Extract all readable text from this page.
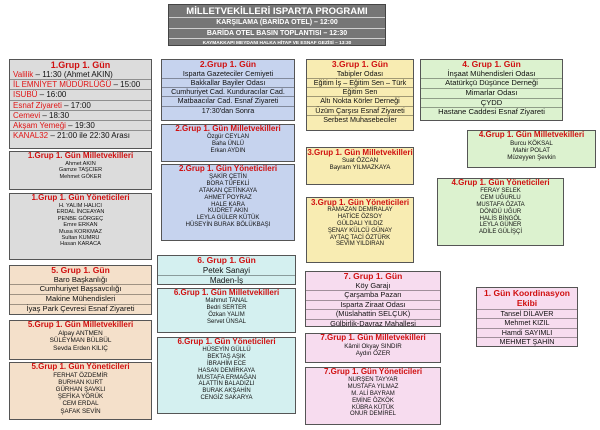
MİLLETVEKİLLERİ ISPARTA PROGRAMI
KARŞILAMA (BARİDA OTEL) – 12:00
BARİDA OTEL BASIN TOPLANTISI – 12:30
KAYMAKKAPI MEYDANI HALKA HİTAP VE ESNAF GEZİSİ – 13:30
1.Grup 1. Gün
Valilik – 11:30 (Ahmet AKIN)
İL EMNİYET MÜDÜRLÜĞÜ – 15:00
ISUBÜ – 16:00
Esnaf Ziyareti – 17:00
Cemevi – 18:30
Akşam Yemeği – 19:30
KANAL32 – 21:00 ile 22:30 Arası
1.Grup 1. Gün Milletvekilleri
Ahmet AKIN
Gamze TAŞCIER
Mehmet GÖKER
1.Grup 1. Gün Yöneticileri
H. YALIM HALICI
ERDAL İNCEAYAN
PENBE GÖRGEÇ
Emre ERKAN
Musa KORKMAZ
Sultan KUMRU
Hasan KARACA
5. Grup 1. Gün
Baro Başkanlığı
Cumhuriyet Başsavcılığı
Makine Mühendisleri
İyaş Park Çevresi Esnaf Ziyareti
5.Grup 1. Gün Milletvekilleri
Alpay ANTMEN
SÜLEYMAN BÜLBÜL
Sevda Erden KILIÇ
5.Grup 1. Gün Yöneticileri
FERHAT ÖZDEMİR
BURHAN KURT
GÜRHAN ŞAVKLI
ŞEFİKA YÖRÜK
CEM ERDAL
ŞAFAK SEVİN
2.Grup 1. Gün
Isparta Gazeteciler Cemiyeti
Bakkallar Bayiler Odası
Cumhuriyet Cad. Kunduracılar Cad.
Matbaacılar Cad. Esnaf Ziyareti
17:30'dan Sonra
2.Grup 1. Gün Milletvekilleri
Özgür CEYLAN
Baha ÜNLÜ
Erkan AYDIN
2.Grup 1. Gün Yöneticileri
ŞAKİR ÇETİN
BORA TÜFEKLİ
ATAKAN ÇETİNKAYA
AHMET POYRAZ
HALE KARA
KUDRET AKIN
LEYLA GÜLER KÜTÜK
HÜSEYİN BURAK BÖLÜKBAŞI
6. Grup 1. Gün
Petek Sanayi
Maden-İş
6.Grup 1. Gün Milletvekilleri
Mahmut TANAL
Bedri SERTER
Özkan YALIM
Servet ÜNSAL
6.Grup 1. Gün Yöneticileri
HÜSEYİN GÜLLÜ
BEKTAŞ AŞIK
İBRAHİM ECE
HASAN DEMİRKAYA
MUSTAFA ERMAĞAN
ALATTİN BALADIZLI
BURAK AKŞAHİN
CENGİZ SAKARYA
3.Grup 1. Gün
Tabipler Odası
Eğitim İş – Eğitim Sen – Türk
Eğitim Sen
Altı Nokta Körler Derneği
Üzüm Çarşısı Esnaf Ziyareti
Serbest Muhasebeciler
3.Grup 1. Gün Milletvekilleri
Suat ÖZCAN
Bayram YILMAZKAYA
3.Grup 1. Gün Yöneticileri
RAMAZAN DEMİRALAY
HATİCE ÖZSOY
GÜLDALI YILDIZ
ŞENAY KÜLCÜ GÜNAY
AYTAÇ TACİ ÖZTÜRK
SEVİM YILDIRAN
7. Grup 1. Gün
Köy Garajı
Çarşamba Pazarı
Isparta Ziraat Odası
(Müslahattin SELÇUK)
Gülbirlik-Davraz Mahallesi
7.Grup 1. Gün Milletvekilleri
Kâmil Okyay SINDIR
Aydın ÖZER
7.Grup 1. Gün Yöneticileri
NURŞEN TAYYAR
MUSTAFA YILMAZ
M. ALİ BAYRAM
EMİNE ÖZKÖK
KÜBRA KÜTÜK
ONUR DEMİREL
4. Grup 1. Gün
İnşaat Mühendisleri Odası
Atatürkçü Düşünce Derneği
Mimarlar Odası
ÇYDD
Hastane Caddesi Esnaf Ziyareti
4.Grup 1. Gün Milletvekilleri
Burcu KÖKSAL
Mahir POLAT
Müzeyyen Şevkin
4.Grup 1. Gün Yöneticileri
FERAY SELEK
CEM UĞURLU
MUSTAFA ÖZATA
DÖNDÜ UĞUR
HALİS BİNGÖL
LEYLA GÜNER
ADİLE GÜLİŞÇİ
1. Gün Koordinasyon Ekibi
Tansel DİLAVER
Mehmet KIZIL
Hamdi SAYIMLI
MEHMET ŞAHİN
